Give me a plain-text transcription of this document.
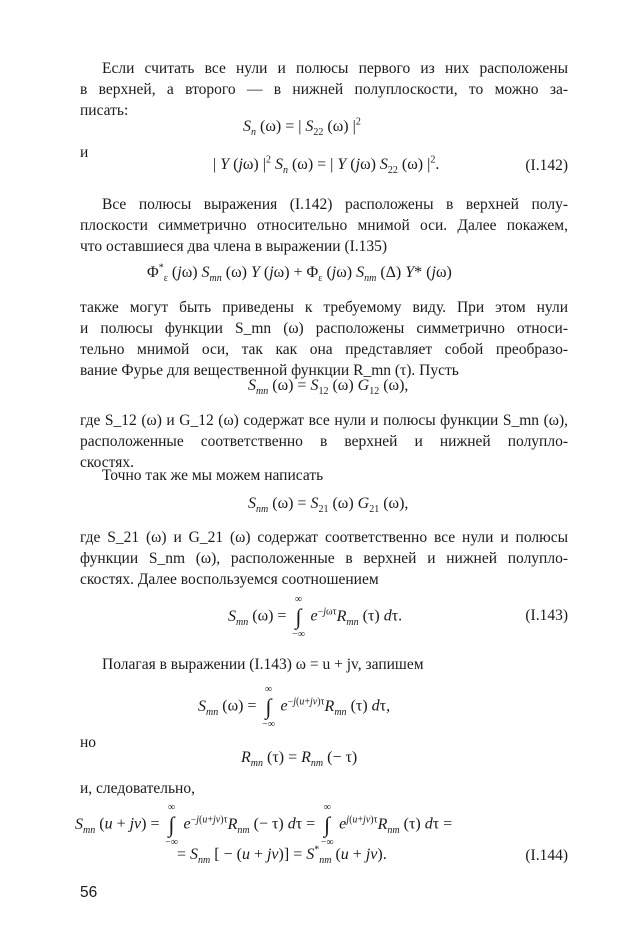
Если считать все нули и полюсы первого из них расположены
в верхней, а второго — в нижней полуплоскости, то можно за-
писать:

$S_n$ (ω) = | $S_{22}$ (ω) $|^2$
и
| Y (jω) $|^2$ $S_n$ (ω) = | Y (jω) $S_{22}$ (ω) $|^2$.	(I.142)

Все полюсы выражения (I.142) расположены в верхней полу-
плоскости симметрично относительно мнимой оси. Далее покажем,
что оставшиеся два члена в выражении (I.135)

$\Phi^*_\varepsilon$ (jω) $S_{mn}$ (ω) Y $(j\omega) + \Phi_\varepsilon$ (jω) $S_{nm}$ (Δ) Y* (jω)

также могут быть приведены к требуемому виду. При этом нули
и полюсы функции S_mn (ω) расположены симметрично относи-
тельно мнимой оси, так как она представляет собой преобразо-
вание Фурье для вещественной функции R_mn (τ). Пусть

$S_{mn}$ $(\omega) = S_{12}$ (ω) $G_{12}$ (ω),

где S_12 (ω) и G_12 (ω) содержат все нули и полюсы функции S_mn (ω),
расположенные соответственно в верхней и нижней полупло-
скостях.

Точно так же мы можем написать

$S_{nm}$ $(\omega) = S_{21}$ (ω) $G_{21}$ (ω),

где S_21 (ω) и G_21 (ω) содержат соответственно все нули и полюсы
функции S_nm (ω), расположенные в верхней и нижней полупло-
скостях. Далее воспользуемся соотношением

$S_{mn}$ (ω) =
∞
∫
−∞
$e^{-j\omega\tau}R_{mn}$ (τ) dτ.	(I.143)

Полагая в выражении (I.143) ω = u + jv, запишем

$S_{mn}$ (ω) =
∞
∫
−∞
$e^{-j(u+jv)\tau}R_{mn}$ (τ) dτ,
но
$R_{mn}$ $(\tau) = R_{nm}$ (− τ)
и, следовательно,
$S_{mn}$ (u + jv) =
∞
∫
−∞
$e^{-j(u+jv)\tau}R_{nm}$ (− τ) dτ =
∞
∫
−∞
$e^{j(u+jv)\tau}R_{nm}$ (τ) dτ =
= $S_{nm}$ [ − $(u + jv)] = S^*_{nm}$ (u + jv).	(I.144)
56
